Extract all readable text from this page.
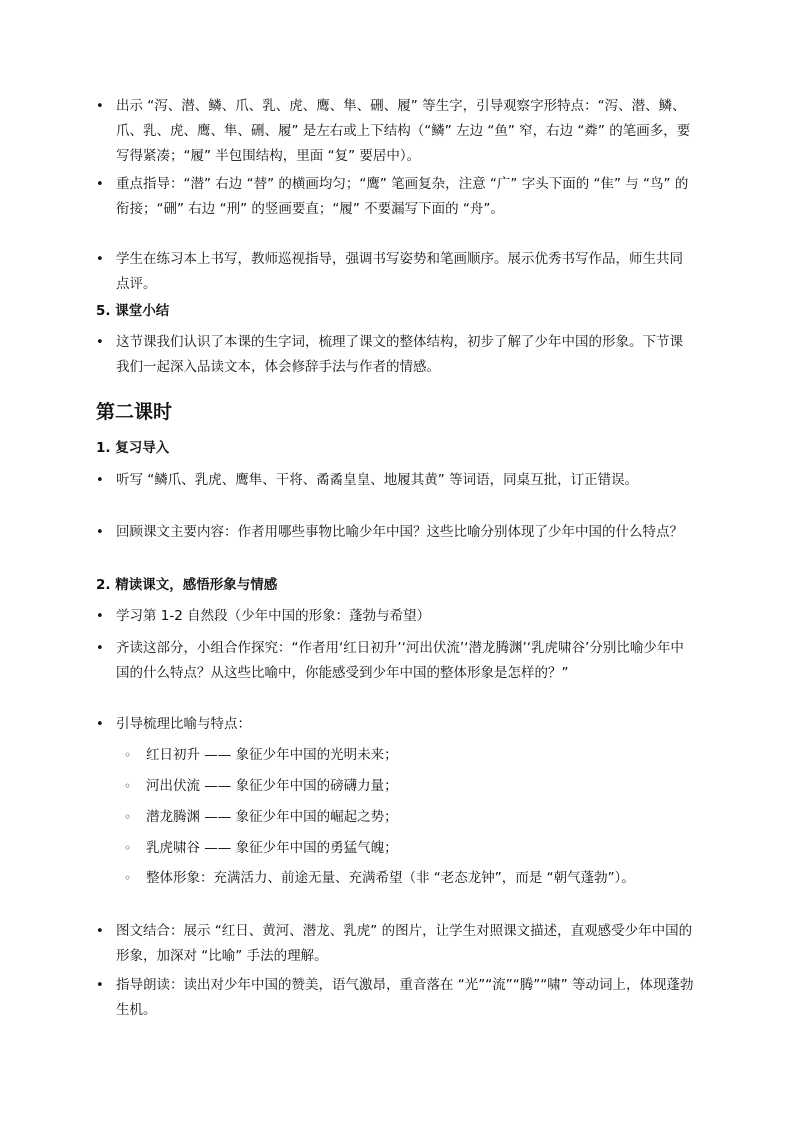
• 出示 “泻、潜、鳞、爪、乳、虎、鹰、隼、硎、履” 等生字，引导观察字形特点：“泻、潜、鳞、爪、乳、虎、鹰、隼、硎、履” 是左右或上下结构（“鳞” 左边 “鱼” 窄，右边 “粦” 的笔画多，要写得紧凑；“履” 半包围结构，里面 “复” 要居中）。

• 重点指导：“潜” 右边 “替” 的横画均匀；“鹰” 笔画复杂，注意 “广” 字头下面的 “隹” 与 “鸟” 的衔接；“硎” 右边 “刑” 的竖画要直；“履” 不要漏写下面的 “舟”。

• 学生在练习本上书写，教师巡视指导，强调书写姿势和笔画顺序。展示优秀书写作品，师生共同点评。

5. 课堂小结
• 这节课我们认识了本课的生字词，梳理了课文的整体结构，初步了解了少年中国的形象。下节课我们一起深入品读文本，体会修辞手法与作者的情感。

第二课时
1. 复习导入
• 听写 “鳞爪、乳虎、鹰隼、干将、矞矞皇皇、地履其黄” 等词语，同桌互批，订正错误。

• 回顾课文主要内容：作者用哪些事物比喻少年中国？这些比喻分别体现了少年中国的什么特点？

2. 精读课文，感悟形象与情感
• 学习第 1-2 自然段（少年中国的形象：蓬勃与希望）

• 齐读这部分，小组合作探究：“作者用‘红日初升’‘河出伏流’‘潜龙腾渊’‘乳虎啸谷’分别比喻少年中国的什么特点？从这些比喻中，你能感受到少年中国的整体形象是怎样的？”

• 引导梳理比喻与特点：

◦ 红日初升 —— 象征少年中国的光明未来；

◦ 河出伏流 —— 象征少年中国的磅礴力量；

◦ 潜龙腾渊 —— 象征少年中国的崛起之势；

◦ 乳虎啸谷 —— 象征少年中国的勇猛气魄；

◦ 整体形象：充满活力、前途无量、充满希望（非 “老态龙钟”，而是 “朝气蓬勃”）。

• 图文结合：展示 “红日、黄河、潜龙、乳虎” 的图片，让学生对照课文描述，直观感受少年中国的形象，加深对 “比喻” 手法的理解。

• 指导朗读：读出对少年中国的赞美，语气激昂，重音落在 “光”“流”“腾”“啸” 等动词上，体现蓬勃生机。
